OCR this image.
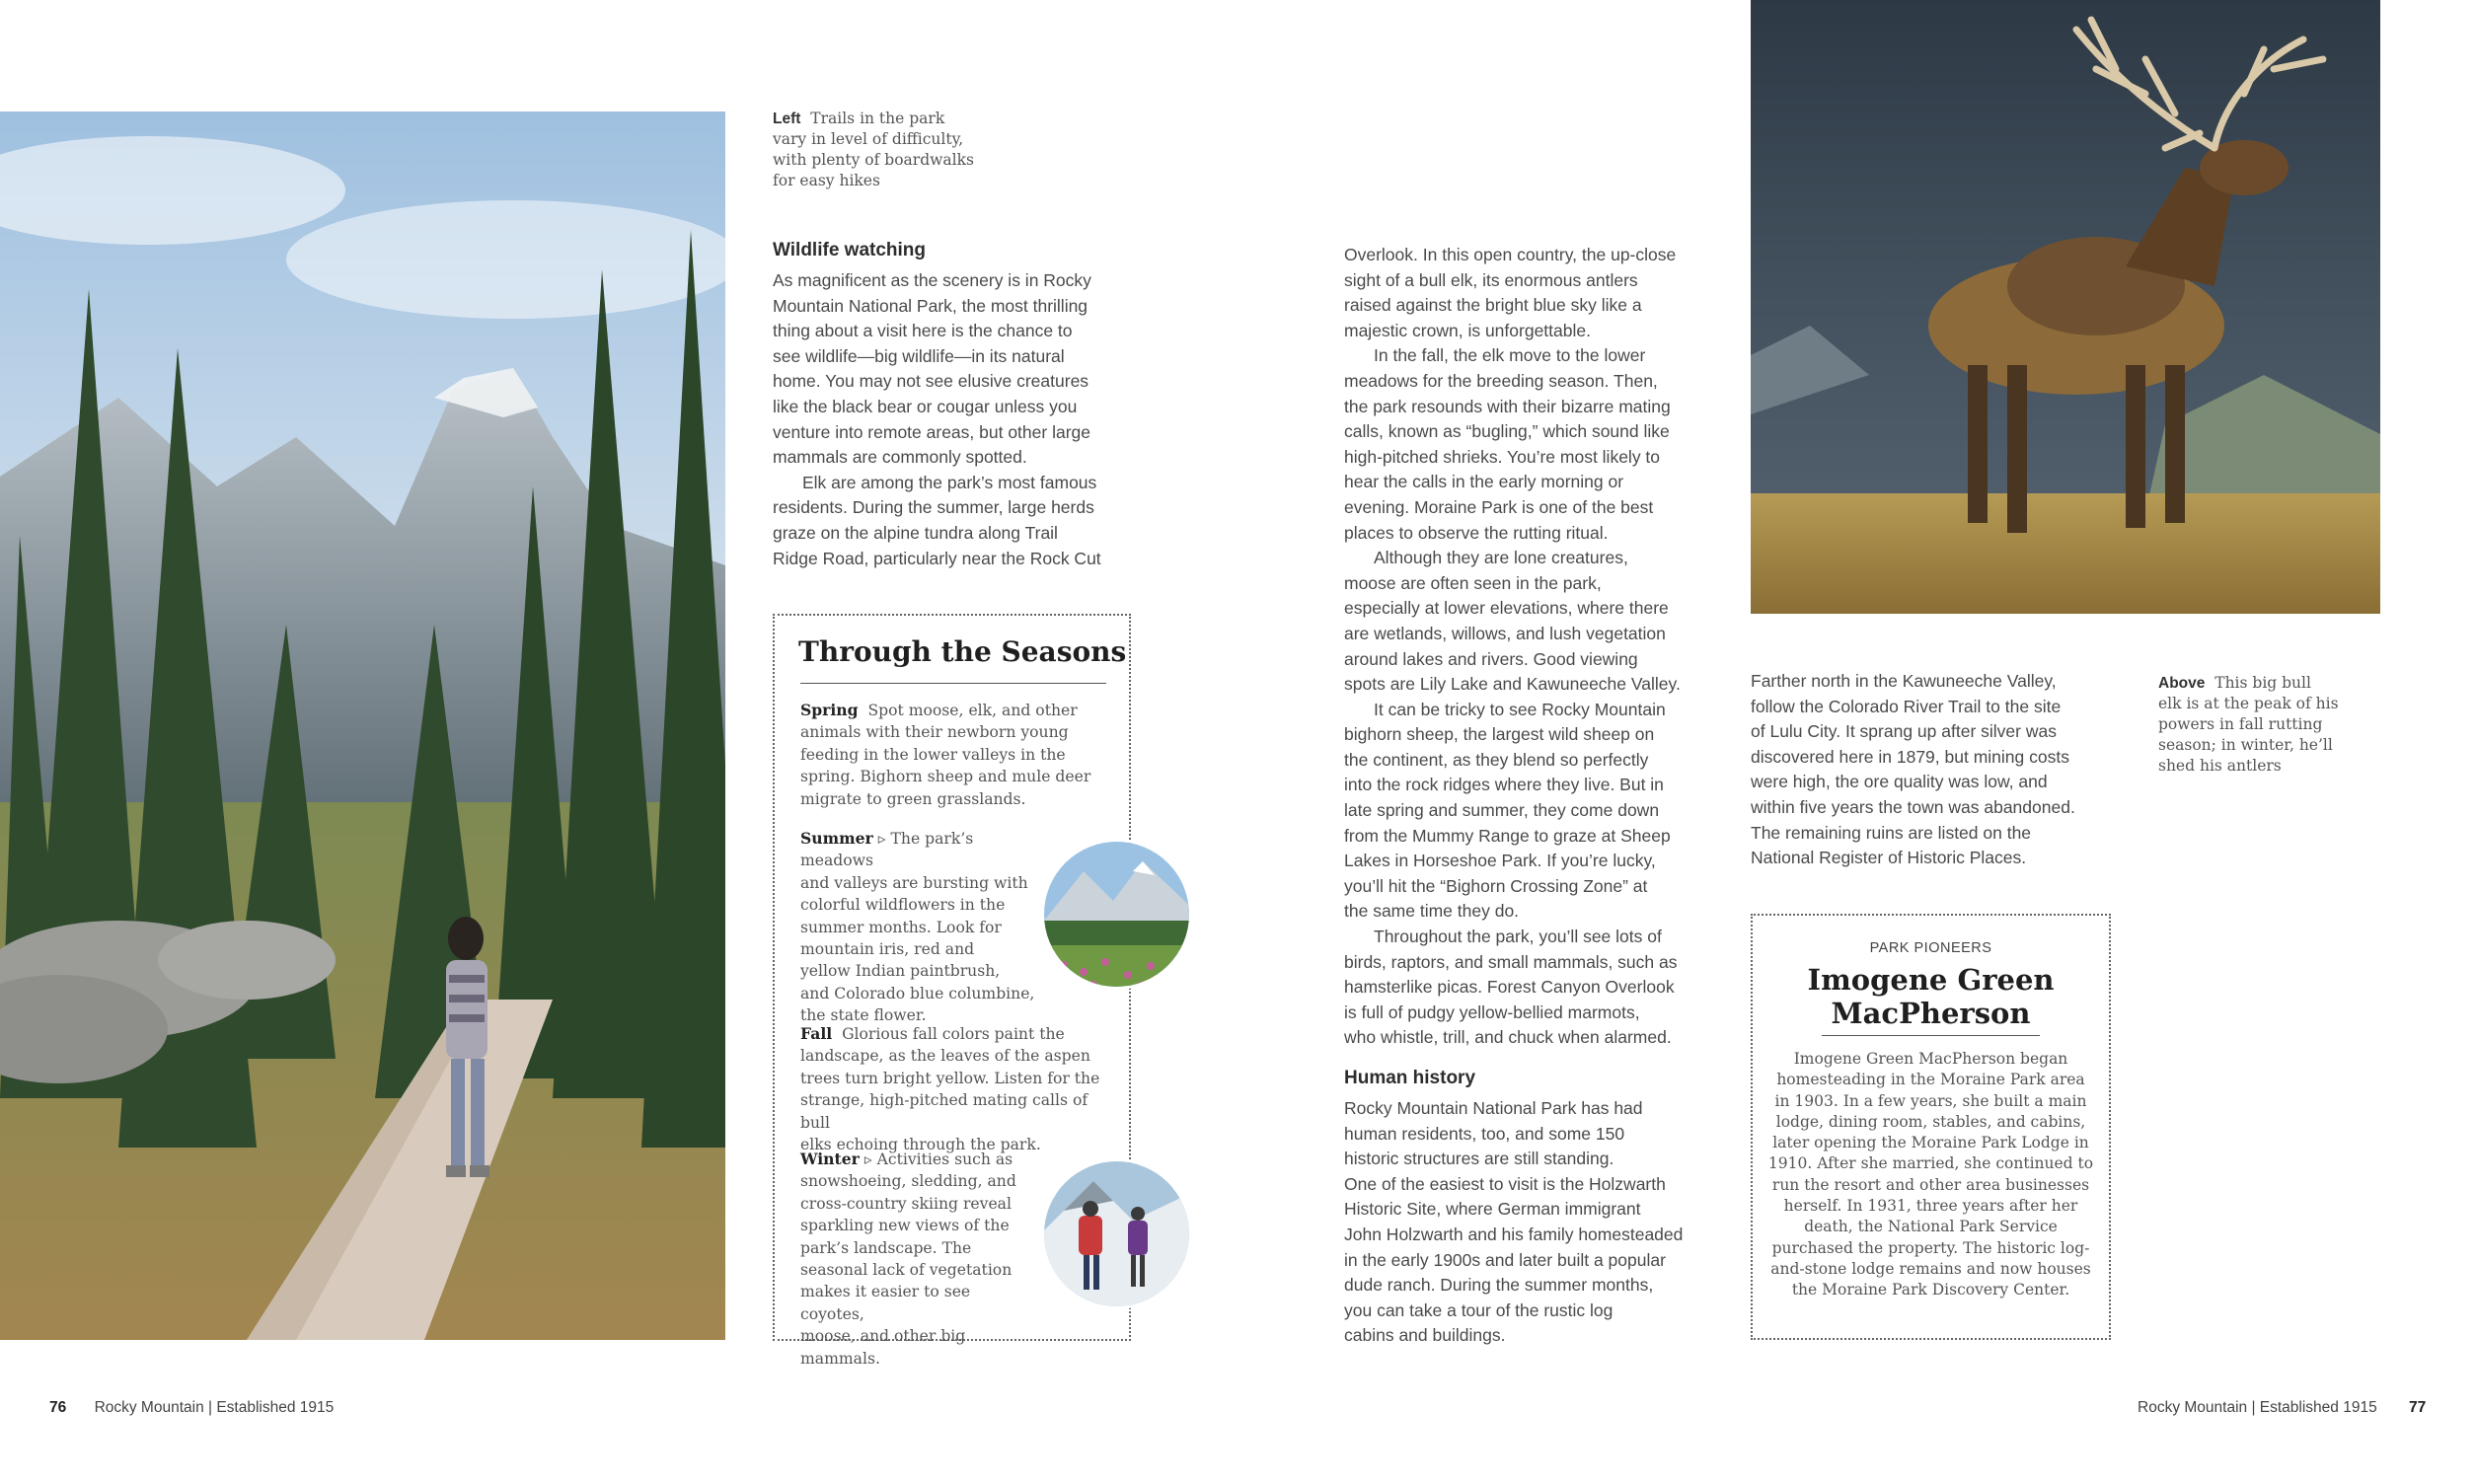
Left Trails in the park
vary in level of difficulty,
with plenty of boardwalks
for easy hikes
Wildlife watching

As magnificent as the scenery is in Rocky

Mountain National Park, the most thrilling

thing about a visit here is the chance to

see wildlife—big wildlife—in its natural

home. You may not see elusive creatures

like the black bear or cougar unless you

venture into remote areas, but other large

mammals are commonly spotted.

Elk are among the park’s most famous

residents. During the summer, large herds

graze on the alpine tundra along Trail

Ridge Road, particularly near the Rock Cut

Through the Seasons
Spring Spot moose, elk, and other
animals with their newborn young
feeding in the lower valleys in the
spring. Bighorn sheep and mule deer
migrate to green grasslands.
Summer ▹ The park’s meadows
and valleys are bursting with
colorful wildflowers in the
summer months. Look for
mountain iris, red and
yellow Indian paintbrush,
and Colorado blue columbine,
the state flower.
Fall Glorious fall colors paint the
landscape, as the leaves of the aspen
trees turn bright yellow. Listen for the
strange, high-pitched mating calls of bull
elks echoing through the park.
Winter ▹ Activities such as
snowshoeing, sledding, and
cross-country skiing reveal
sparkling new views of the
park’s landscape. The
seasonal lack of vegetation
makes it easier to see coyotes,
moose, and other big mammals.
76 Rocky Mountain | Established 1915

Overlook. In this open country, the up-close

sight of a bull elk, its enormous antlers

raised against the bright blue sky like a

majestic crown, is unforgettable.

In the fall, the elk move to the lower

meadows for the breeding season. Then,

the park resounds with their bizarre mating

calls, known as “bugling,” which sound like

high-pitched shrieks. You’re most likely to

hear the calls in the early morning or

evening. Moraine Park is one of the best

places to observe the rutting ritual.

Although they are lone creatures,

moose are often seen in the park,

especially at lower elevations, where there

are wetlands, willows, and lush vegetation

around lakes and rivers. Good viewing

spots are Lily Lake and Kawuneeche Valley.

It can be tricky to see Rocky Mountain

bighorn sheep, the largest wild sheep on

the continent, as they blend so perfectly

into the rock ridges where they live. But in

late spring and summer, they come down

from the Mummy Range to graze at Sheep

Lakes in Horseshoe Park. If you’re lucky,

you’ll hit the “Bighorn Crossing Zone” at

the same time they do.

Throughout the park, you’ll see lots of

birds, raptors, and small mammals, such as

hamsterlike picas. Forest Canyon Overlook

is full of pudgy yellow-bellied marmots,

who whistle, trill, and chuck when alarmed.

Human history

Rocky Mountain National Park has had

human residents, too, and some 150

historic structures are still standing.

One of the easiest to visit is the Holzwarth

Historic Site, where German immigrant

John Holzwarth and his family homesteaded

in the early 1900s and later built a popular

dude ranch. During the summer months,

you can take a tour of the rustic log

cabins and buildings.

Farther north in the Kawuneeche Valley,

follow the Colorado River Trail to the site

of Lulu City. It sprang up after silver was

discovered here in 1879, but mining costs

were high, the ore quality was low, and

within five years the town was abandoned.

The remaining ruins are listed on the

National Register of Historic Places.

Above This big bull
elk is at the peak of his
powers in fall rutting
season; in winter, he’ll
shed his antlers
PARK PIONEERS
Imogene Green
MacPherson
Imogene Green MacPherson began
homesteading in the Moraine Park area
in 1903. In a few years, she built a main
lodge, dining room, stables, and cabins,
later opening the Moraine Park Lodge in
1910. After she married, she continued to
run the resort and other area businesses
herself. In 1931, three years after her
death, the National Park Service
purchased the property. The historic log-
and-stone lodge remains and now houses
the Moraine Park Discovery Center.
Rocky Mountain | Established 1915 77
